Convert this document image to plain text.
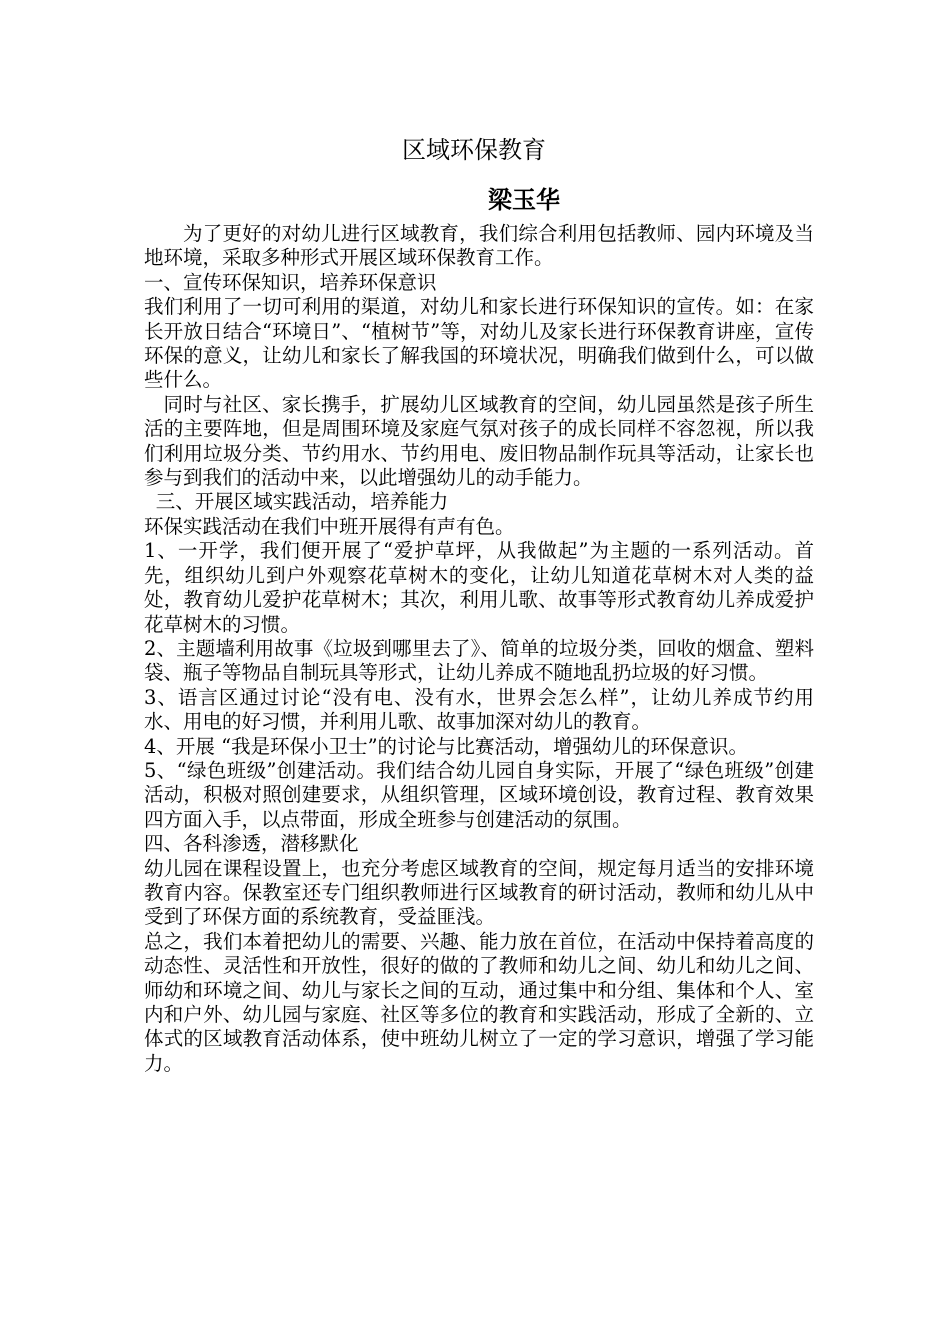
区域环保教育
梁玉华

为了更好的对幼儿进行区域教育，我们综合利用包括教师、园内环境及当地环境，采取多种形式开展区域环保教育工作。

一、宣传环保知识，培养环保意识

我们利用了一切可利用的渠道，对幼儿和家长进行环保知识的宣传。如：在家长开放日结合“环境日”、“植树节”等，对幼儿及家长进行环保教育讲座，宣传环保的意义，让幼儿和家长了解我国的环境状况，明确我们做到什么，可以做些什么。

同时与社区、家长携手，扩展幼儿区域教育的空间，幼儿园虽然是孩子所生活的主要阵地，但是周围环境及家庭气氛对孩子的成长同样不容忽视，所以我们利用垃圾分类、节约用水、节约用电、废旧物品制作玩具等活动，让家长也参与到我们的活动中来，以此增强幼儿的动手能力。

三、开展区域实践活动，培养能力

环保实践活动在我们中班开展得有声有色。

1、一开学，我们便开展了“爱护草坪，从我做起”为主题的一系列活动。首先，组织幼儿到户外观察花草树木的变化，让幼儿知道花草树木对人类的益处，教育幼儿爱护花草树木；其次，利用儿歌、故事等形式教育幼儿养成爱护花草树木的习惯。

2、主题墙利用故事《垃圾到哪里去了》、简单的垃圾分类，回收的烟盒、塑料袋、瓶子等物品自制玩具等形式，让幼儿养成不随地乱扔垃圾的好习惯。

3、语言区通过讨论“没有电、没有水，世界会怎么样”，让幼儿养成节约用水、用电的好习惯，并利用儿歌、故事加深对幼儿的教育。

4、开展 “我是环保小卫士”的讨论与比赛活动，增强幼儿的环保意识。

5、“绿色班级”创建活动。我们结合幼儿园自身实际，开展了“绿色班级”创建活动，积极对照创建要求，从组织管理，区域环境创设，教育过程、教育效果四方面入手，以点带面，形成全班参与创建活动的氛围。

四、各科渗透，潜移默化

幼儿园在课程设置上，也充分考虑区域教育的空间，规定每月适当的安排环境教育内容。保教室还专门组织教师进行区域教育的研讨活动，教师和幼儿从中受到了环保方面的系统教育，受益匪浅。

总之，我们本着把幼儿的需要、兴趣、能力放在首位，在活动中保持着高度的动态性、灵活性和开放性，很好的做的了教师和幼儿之间、幼儿和幼儿之间、师幼和环境之间、幼儿与家长之间的互动，通过集中和分组、集体和个人、室内和户外、幼儿园与家庭、社区等多位的教育和实践活动，形成了全新的、立体式的区域教育活动体系，使中班幼儿树立了一定的学习意识，增强了学习能力。
